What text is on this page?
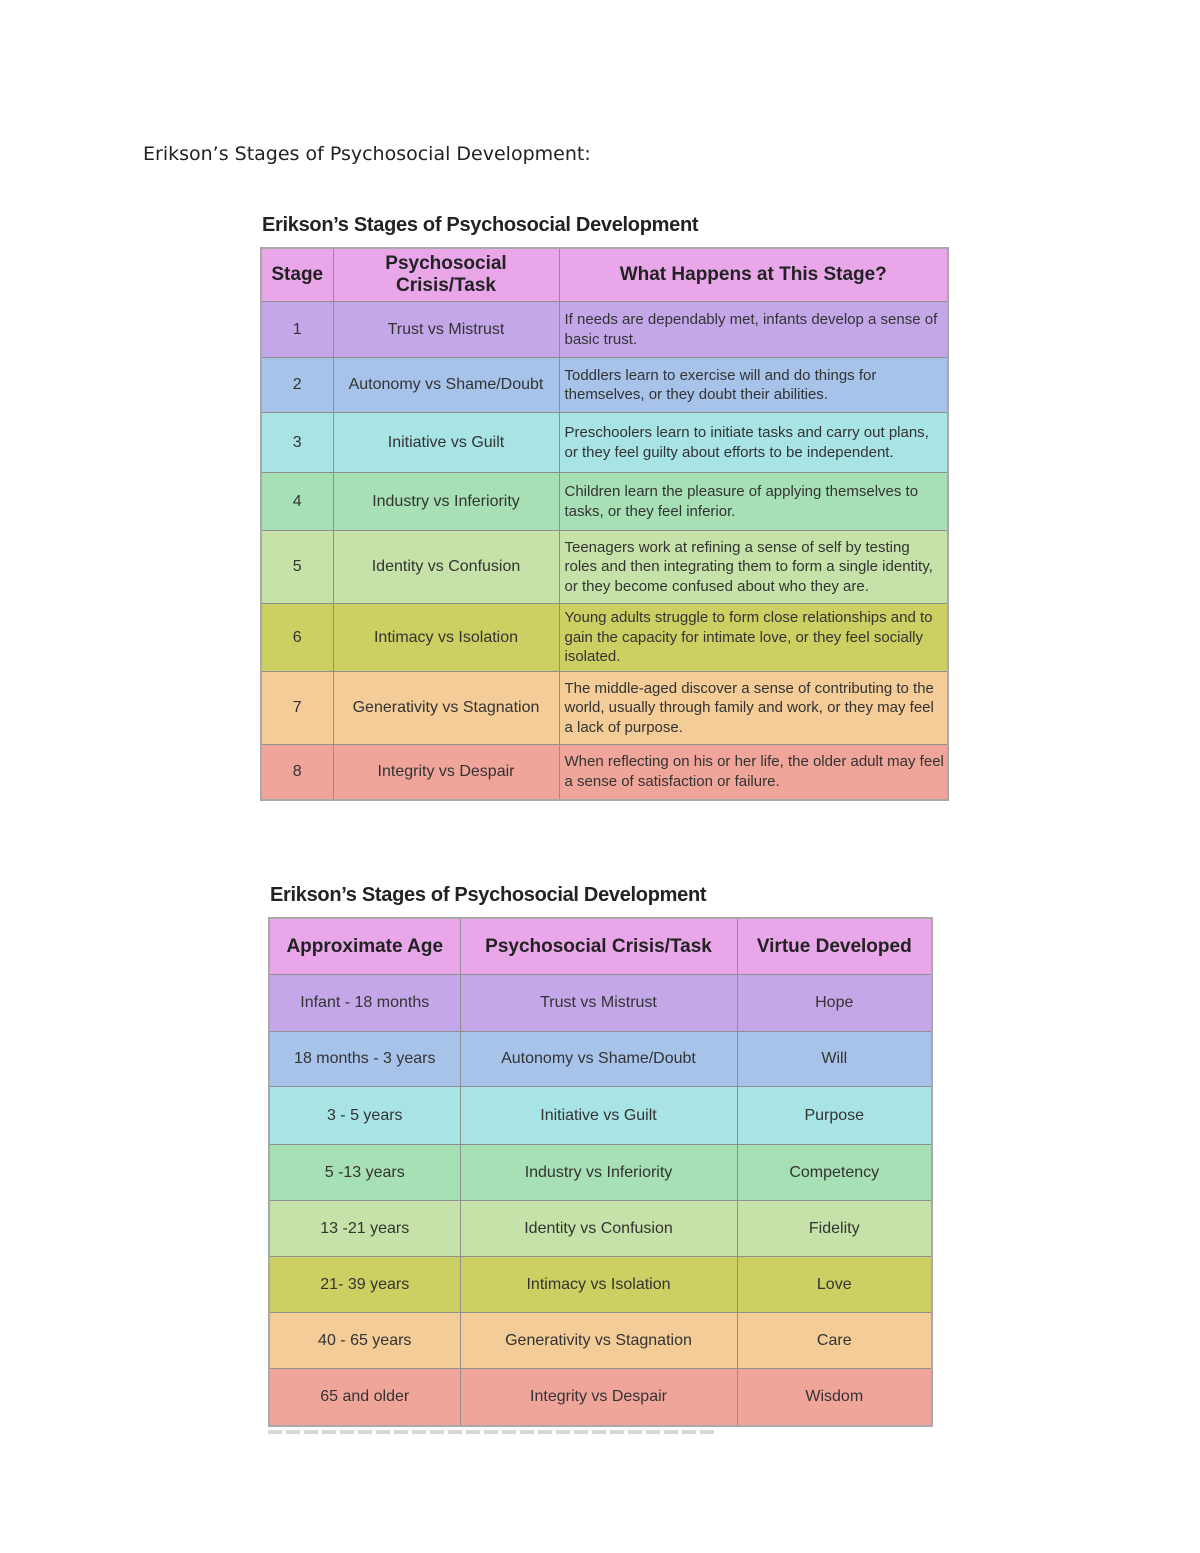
Erikson’s Stages of Psychosocial Development:
Erikson’s Stages of Psychosocial Development
Stage	Psychosocial Crisis/Task	What Happens at This Stage?
1	Trust vs Mistrust	If needs are dependably met, infants develop a sense of basic trust.
2	Autonomy vs Shame/Doubt	Toddlers learn to exercise will and do things for themselves, or they doubt their abilities.
3	Initiative vs Guilt	Preschoolers learn to initiate tasks and carry out plans, or they feel guilty about efforts to be independent.
4	Industry vs Inferiority	Children learn the pleasure of applying themselves to tasks, or they feel inferior.
5	Identity vs Confusion	Teenagers work at refining a sense of self by testing roles and then integrating them to form a single identity, or they become confused about who they are.
6	Intimacy vs Isolation	Young adults struggle to form close relationships and to gain the capacity for intimate love, or they feel socially isolated.
7	Generativity vs Stagnation	The middle-aged discover a sense of contributing to the world, usually through family and work, or they may feel a lack of purpose.
8	Integrity vs Despair	When reflecting on his or her life, the older adult may feel a sense of satisfaction or failure.
Erikson’s Stages of Psychosocial Development
Approximate Age	Psychosocial Crisis/Task	Virtue Developed
Infant - 18 months	Trust vs Mistrust	Hope
18 months - 3 years	Autonomy vs Shame/Doubt	Will
3 - 5 years	Initiative vs Guilt	Purpose
5 -13 years	Industry vs Inferiority	Competency
13 -21 years	Identity vs Confusion	Fidelity
21- 39 years	Intimacy vs Isolation	Love
40 - 65 years	Generativity vs Stagnation	Care
65 and older	Integrity vs Despair	Wisdom
